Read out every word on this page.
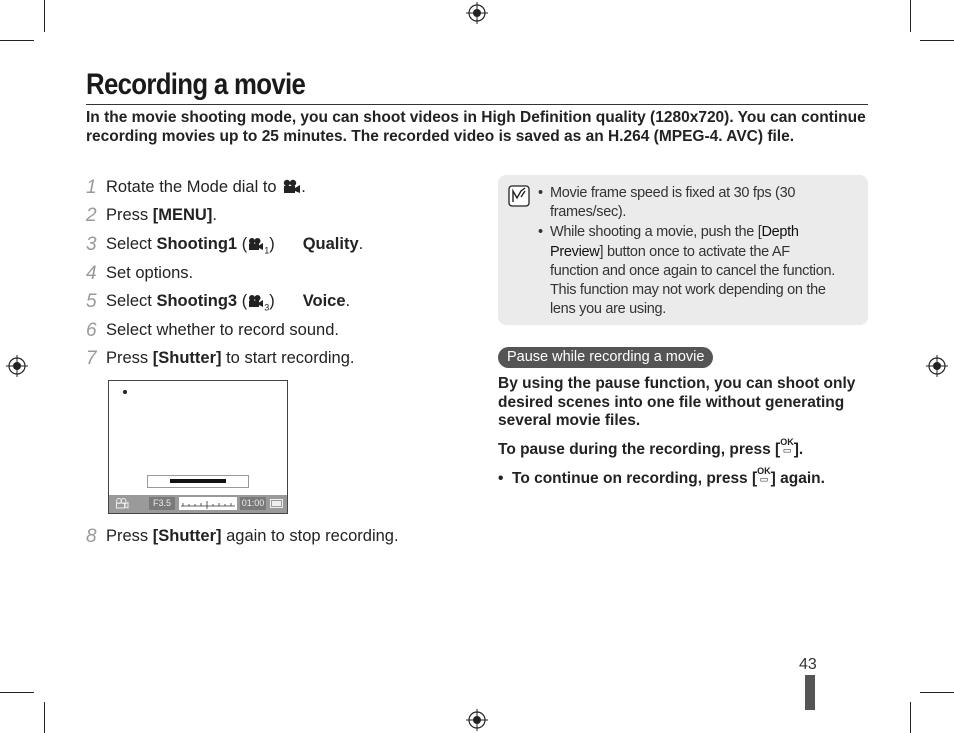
Recording a movie
In the movie shooting mode, you can shoot videos in High Definition quality (1280x720). You can continue recording movies up to 25 minutes. The recorded video is saved as an H.264 (MPEG-4. AVC) file.
1 Rotate the Mode dial to .
2 Press [MENU].
3 Select Shooting1 ( $_1$) Quality.
4 Set options.
5 Select Shooting3 ( $_3$) Voice.
6 Select whether to record sound.
7 Press [Shutter] to start recording.
F3.5	01:00
8 Press [Shutter] again to stop recording.
• Movie frame speed is fixed at 30 fps (30 frames/sec).
• While shooting a movie, push the [Depth Preview] button once to activate the AF function and once again to cancel the function. This function may not work depending on the lens you are using.
Pause while recording a movie
By using the pause function, you can shoot only desired scenes into one file without generating several movie files.
To pause during the recording, press [OK
▭ ].
• To continue on recording, press [OK
▭ ] again.
43
